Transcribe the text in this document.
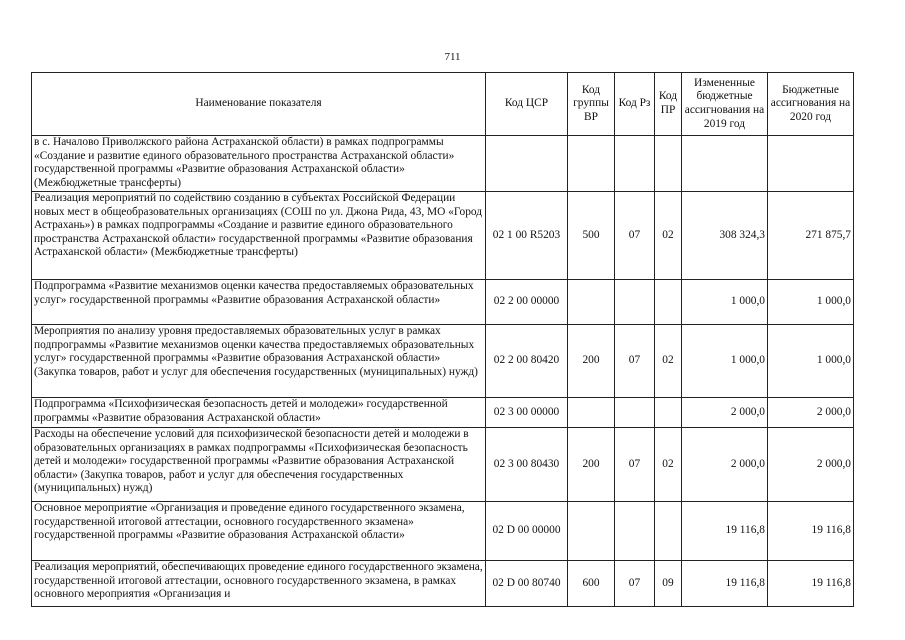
711
Наименование показателя	Код ЦСР	Код группы ВР	Код Рз	Код ПР	Измененные бюджетные ассигнования на 2019 год	Бюджетные ассигнования на 2020 год
в с. Началово Приволжского района Астраханской области) в рамках подпрограммы «Создание и развитие единого образовательного пространства Астраханской области» государственной программы «Развитие образования Астраханской области» (Межбюджетные трансферты)						
Реализация мероприятий по содействию созданию в субъектах Российской Федерации новых мест в общеобразовательных организациях (СОШ по ул. Джона Рида, 43, МО «Город Астрахань») в рамках подпрограммы «Создание и развитие единого образовательного пространства Астраханской области» государственной программы «Развитие образования Астраханской области» (Межбюджетные трансферты)	02 1 00 R5203	500	07	02	308 324,3	271 875,7
Подпрограмма «Развитие механизмов оценки качества предоставляемых образовательных услуг» государственной программы «Развитие образования Астраханской области»	02 2 00 00000				1 000,0	1 000,0
Мероприятия по анализу уровня предоставляемых образовательных услуг в рамках подпрограммы «Развитие механизмов оценки качества предоставляемых образовательных услуг» государственной программы «Развитие образования Астраханской области» (Закупка товаров, работ и услуг для обеспечения государственных (муниципальных) нужд)	02 2 00 80420	200	07	02	1 000,0	1 000,0
Подпрограмма «Психофизическая безопасность детей и молодежи» государственной программы «Развитие образования Астраханской области»	02 3 00 00000				2 000,0	2 000,0
Расходы на обеспечение условий для психофизической безопасности детей и молодежи в образовательных организациях в рамках подпрограммы «Психофизическая безопасность детей и молодежи» государственной программы «Развитие образования Астраханской области» (Закупка товаров, работ и услуг для обеспечения государственных (муниципальных) нужд)	02 3 00 80430	200	07	02	2 000,0	2 000,0
Основное мероприятие «Организация и проведение единого государственного экзамена, государственной итоговой аттестации, основного государственного экзамена» государственной программы «Развитие образования Астраханской области»	02 D 00 00000				19 116,8	19 116,8
Реализация мероприятий, обеспечивающих проведение единого государственного экзамена, государственной итоговой аттестации, основного государственного экзамена, в рамках основного мероприятия «Организация и	02 D 00 80740	600	07	09	19 116,8	19 116,8
